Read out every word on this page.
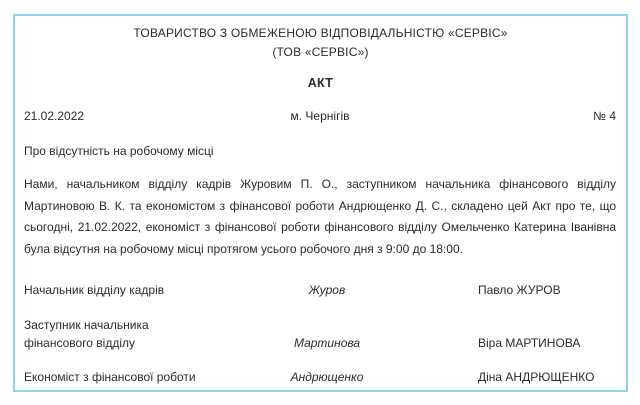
ТОВАРИСТВО З ОБМЕЖЕНОЮ ВІДПОВІДАЛЬНІСТЮ «СЕРВІС»
(ТОВ «СЕРВІС»)
АКТ
21.02.2022	м. Чернігів	№ 4
Про відсутність на робочому місці
Нами, начальником відділу кадрів Журовим П. О., заступником начальника фінансового відділу Мартиновою В. К. та економістом з фінансової роботи Андрющенко Д. С., складено цей Акт про те, що сьогодні, 21.02.2022, економіст з фінансової роботи фінансового відділу Омельченко Катерина Іванівна була відсутня на робочому місці протягом усього робочого дня з 9:00 до 18:00.
Начальник відділу кадрів	Журов	Павло ЖУРОВ
Заступник начальника фінансового відділу	Мартинова	Віра МАРТИНОВА
Економіст з фінансової роботи	Андрющенко	Діна АНДРЮЩЕНКО
